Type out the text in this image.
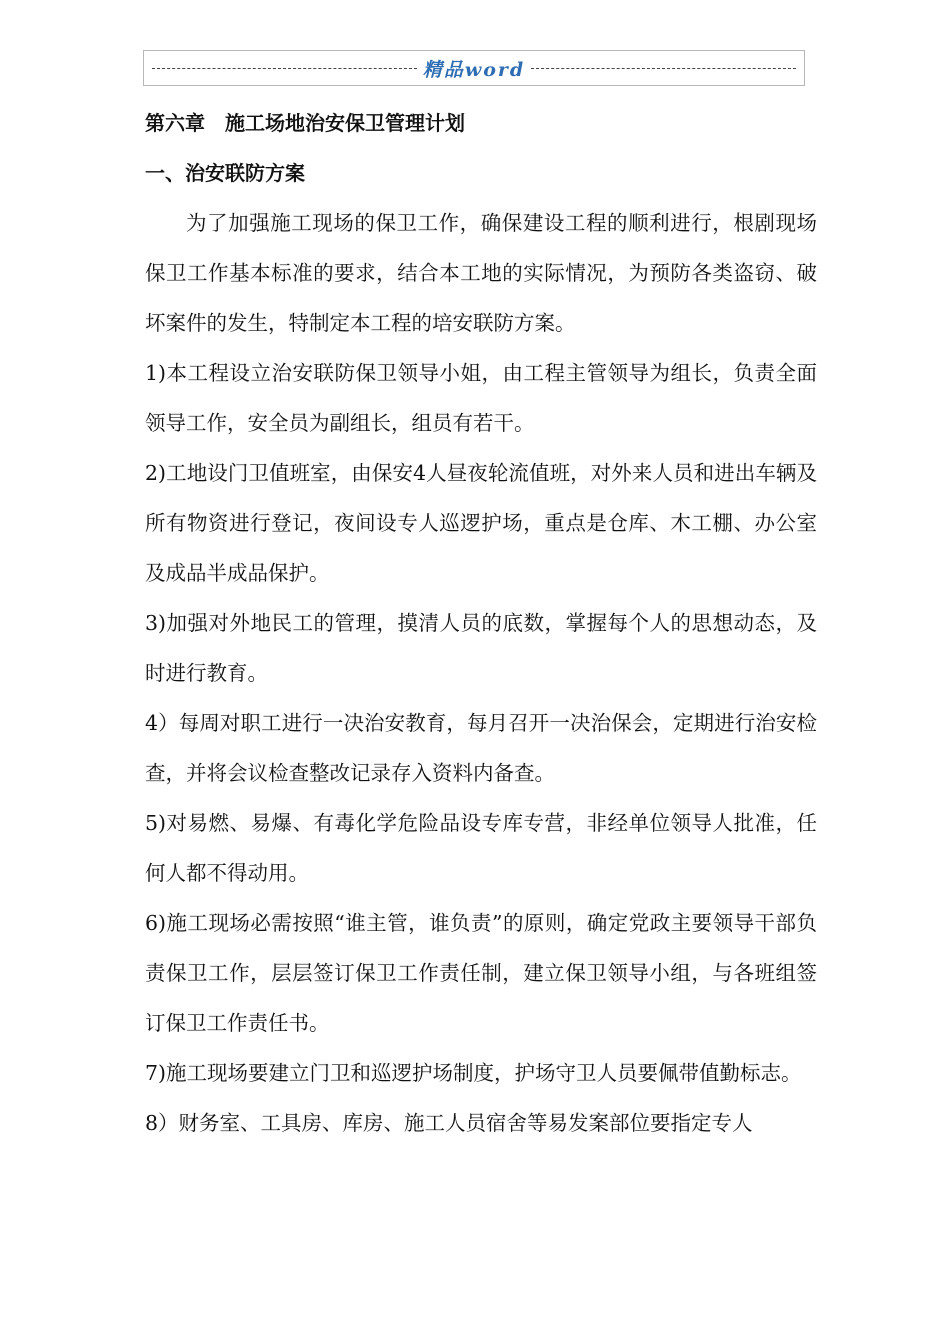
精品word
第六章　施工场地治安保卫管理计划
一、治安联防方案

为了加强施工现场的保卫工作，确保建设工程的顺利进行，根剧现场保卫工作基本标准的要求，结合本工地的实际情况，为预防各类盗窃、破坏案件的发生，特制定本工程的培安联防方案。

1)本工程设立治安联防保卫领导小姐，由工程主管领导为组长，负责全面领导工作，安全员为副组长，组员有若干。

2)工地设门卫值班室，由保安4人昼夜轮流值班，对外来人员和进出车辆及所有物资进行登记，夜间设专人巡逻护场，重点是仓库、木工棚、办公室及成品半成品保护。

3)加强对外地民工的管理，摸清人员的底数，掌握每个人的思想动态，及时进行教育。

4）每周对职工进行一决治安教育，每月召开一决治保会，定期进行治安检查，并将会议检查整改记录存入资料内备查。

5)对易燃、易爆、有毒化学危险品设专库专营，非经单位领导人批准，任何人都不得动用。

6)施工现场必需按照“谁主管，谁负责”的原则，确定党政主要领导干部负责保卫工作，层层签订保卫工作责任制，建立保卫领导小组，与各班组签订保卫工作责任书。

7)施工现场要建立门卫和巡逻护场制度，护场守卫人员要佩带值勤标志。

8）财务室、工具房、库房、施工人员宿舍等易发案部位要指定专人
